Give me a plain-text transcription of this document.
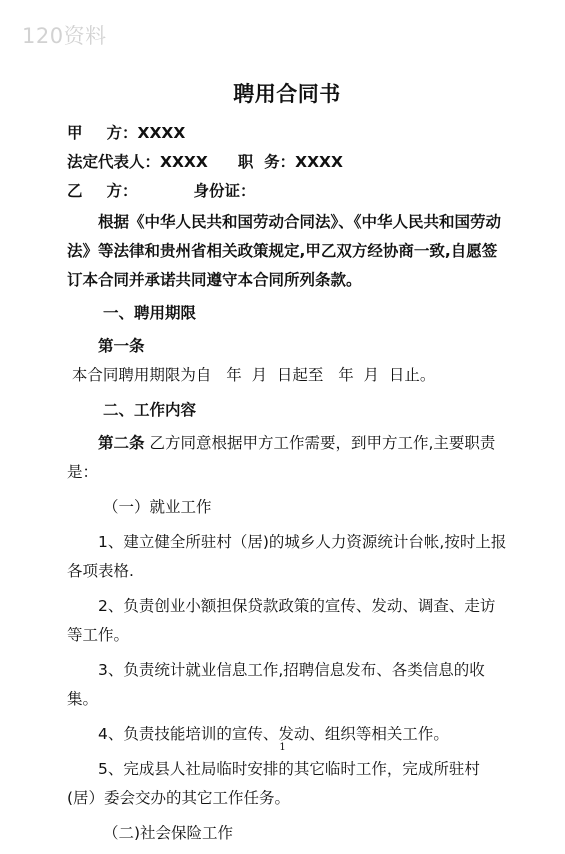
120资料
聘用合同书
甲 方：XXXX
法定代表人：XXXX 职  务：XXXX
乙 方：	身份证：
根据《中华人民共和国劳动合同法》、《中华人民共和国劳动法》等法律和贵州省相关政策规定,甲乙双方经协商一致,自愿签订本合同并承诺共同遵守本合同所列条款。
一、聘用期限
第一条 本合同聘用期限为自   年  月  日起至   年  月  日止。
二、工作内容
第二条 乙方同意根据甲方工作需要，到甲方工作,主要职责是：
（一）就业工作
1、建立健全所驻村（居)的城乡人力资源统计台帐,按时上报各项表格.
2、负责创业小额担保贷款政策的宣传、发动、调查、走访等工作。
3、负责统计就业信息工作,招聘信息发布、各类信息的收集。
4、负责技能培训的宣传、发动、组织等相关工作。
5、完成县人社局临时安排的其它临时工作，完成所驻村(居）委会交办的其它工作任务。
（二)社会保险工作
1
